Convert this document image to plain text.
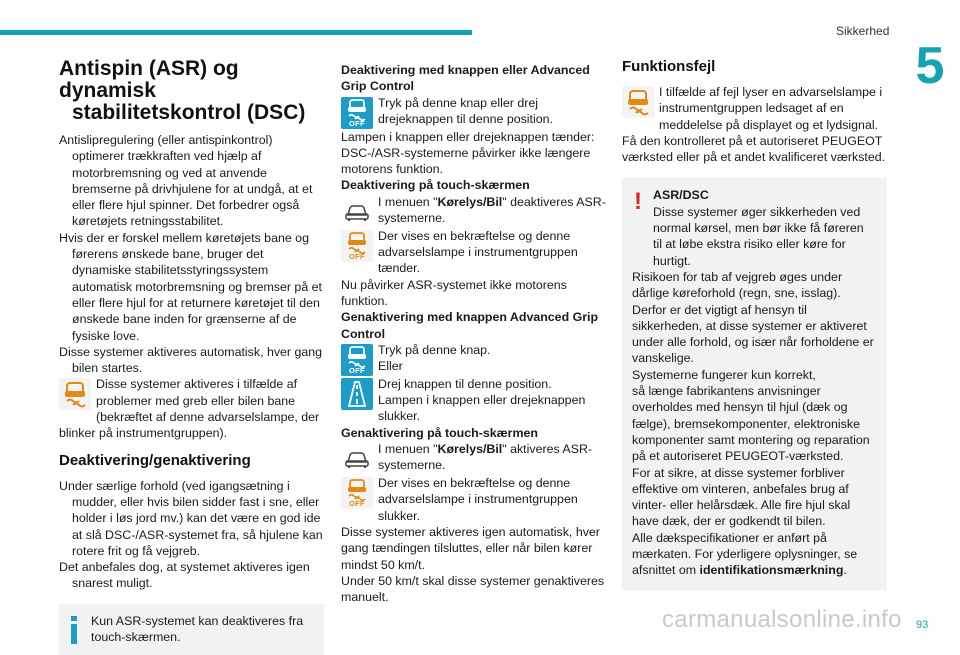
Sikkerhed
5
Antispin (ASR) og dynamisk
stabilitetskontrol (DSC)

Antislipregulering (eller antispinkontrol) optimerer trækkraften ved hjælp af motorbremsning og ved at anvende bremserne på drivhjulene for at undgå, at et eller flere hjul spinner. Det forbedrer også køretøjets retningsstabilitet.

Hvis der er forskel mellem køretøjets bane og førerens ønskede bane, bruger det dynamiske stabilitetsstyringssystem automatisk motorbremsning og bremser på et eller flere hjul for at returnere køretøjet til den ønskede bane inden for grænserne af de fysiske love.

Disse systemer aktiveres automatisk, hver gang bilen startes.

Disse systemer aktiveres i tilfælde af problemer med greb eller bilen bane (bekræftet af denne advarselslampe, der blinker på instrumentgruppen).

Deaktivering/genaktivering

Under særlige forhold (ved igangsætning i mudder, eller hvis bilen sidder fast i sne, eller holder i løs jord mv.) kan det være en god ide at slå DSC-/ASR-systemet fra, så hjulene kan rotere frit og få vejgreb.

Det anbefales dog, at systemet aktiveres igen snarest muligt.

Kun ASR-systemet kan deaktiveres fra touch-skærmen.

Deaktivering med knappen eller Advanced Grip Control

OFF

Tryk på denne knap eller drej drejeknappen til denne position.

Lampen i knappen eller drejeknappen tænder:

DSC-/ASR-systemerne påvirker ikke længere motorens funktion.

Deaktivering på touch-skærmen

I menuen "Kørelys/Bil" deaktiveres ASR-systemerne.

OFF

Der vises en bekræftelse og denne advarselslampe i instrumentgruppen tænder.

Nu påvirker ASR-systemet ikke motorens funktion.

Genaktivering med knappen Advanced Grip Control

OFF

Tryk på denne knap.

Eller

Drej knappen til denne position.

Lampen i knappen eller drejeknappen slukker.

Genaktivering på touch-skærmen

I menuen "Kørelys/Bil" aktiveres ASR-systemerne.

OFF

Der vises en bekræftelse og denne advarselslampe i instrumentgruppen slukker.

Disse systemer aktiveres igen automatisk, hver gang tændingen tilsluttes, eller når bilen kører mindst 50 km/t.

Under 50 km/t skal disse systemer genaktiveres manuelt.

Funktionsfejl

I tilfælde af fejl lyser en advarselslampe i instrumentgruppen ledsaget af en meddelelse på displayet og et lydsignal.

Få den kontrolleret på et autoriseret PEUGEOT værksted eller på et andet kvalificeret værksted.

! ASR/DSC

Disse systemer øger sikkerheden ved normal kørsel, men bør ikke få føreren til at løbe ekstra risiko eller køre for hurtigt.

Risikoen for tab af vejgreb øges under dårlige køreforhold (regn, sne, isslag). Derfor er det vigtigt af hensyn til sikkerheden, at disse systemer er aktiveret under alle forhold, og især når forholdene er vanskelige.

Systemerne fungerer kun korrekt,

så længe fabrikantens anvisninger overholdes med hensyn til hjul (dæk og fælge), bremsekomponenter, elektroniske komponenter samt montering og reparation på et autoriseret PEUGEOT-værksted.

For at sikre, at disse systemer forbliver effektive om vinteren, anbefales brug af vinter- eller helårsdæk. Alle fire hjul skal have dæk, der er godkendt til bilen.

Alle dækspecifikationer er anført på mærkaten. For yderligere oplysninger, se afsnittet om identifikationsmærkning.

carmanualsonline.info 93
